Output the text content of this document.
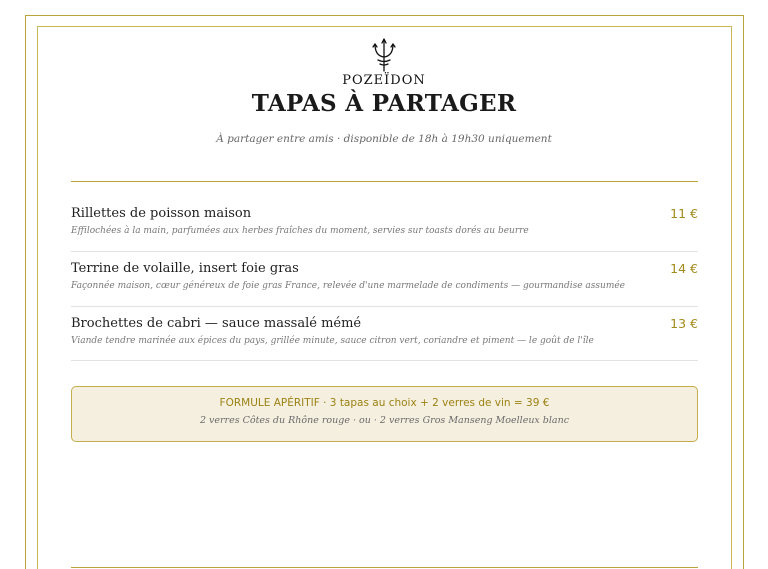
POZEÏDON
TAPAS À PARTAGER
À partager entre amis · disponible de 18h à 19h30 uniquement
Rillettes de poisson maison
Effilochées à la main, parfumées aux herbes fraîches du moment, servies sur toasts dorés au beurre
11 €
Terrine de volaille, insert foie gras
Façonnée maison, cœur généreux de foie gras France, relevée d'une marmelade de condiments — gourmandise assumée
14 €
Brochettes de cabri — sauce massalé mémé
Viande tendre marinée aux épices du pays, grillée minute, sauce citron vert, coriandre et piment — le goût de l'île
13 €
FORMULE APÉRITIF · 3 tapas au choix + 2 verres de vin = 39 €
2 verres Côtes du Rhône rouge · ou · 2 verres Gros Manseng Moelleux blanc
